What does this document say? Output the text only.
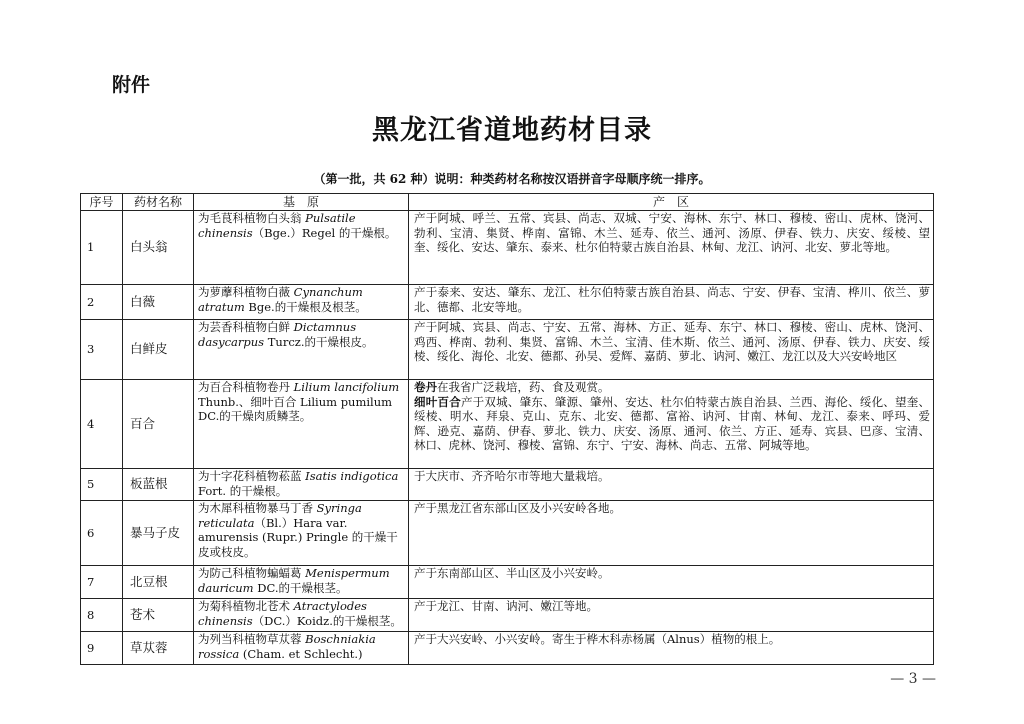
附件
黑龙江省道地药材目录
（第一批，共 62 种）说明：种类药材名称按汉语拼音字母顺序统一排序。
序号	药材名称	基　原	产　区
1	白头翁	为毛茛科植物白头翁 Pulsatile chinensis（Bge.）Regel 的干燥根。	产于阿城、呼兰、五常、宾县、尚志、双城、宁安、海林、东宁、林口、穆棱、密山、虎林、饶河、勃利、宝清、集贤、桦南、富锦、木兰、延寿、依兰、通河、汤原、伊春、铁力、庆安、绥棱、望奎、绥化、安达、肇东、泰来、杜尔伯特蒙古族自治县、林甸、龙江、讷河、北安、萝北等地。
2	白薇	为萝藦科植物白薇 Cynanchum atratum Bge.的干燥根及根茎。	产于泰来、安达、肇东、龙江、杜尔伯特蒙古族自治县、尚志、宁安、伊春、宝清、桦川、依兰、萝北、德都、北安等地。
3	白鲜皮	为芸香科植物白鲜 Dictamnus dasycarpus Turcz.的干燥根皮。	产于阿城、宾县、尚志、宁安、五常、海林、方正、延寿、东宁、林口、穆棱、密山、虎林、饶河、鸡西、桦南、勃利、集贤、富锦、木兰、宝清、佳木斯、依兰、通河、汤原、伊春、铁力、庆安、绥棱、绥化、海伦、北安、德都、孙吴、爱辉、嘉荫、萝北、讷河、嫩江、龙江以及大兴安岭地区
4	百合	为百合科植物卷丹 Lilium lancifolium Thunb.、细叶百合 Lilium pumilum DC.的干燥肉质鳞茎。	卷丹在我省广泛栽培，药、食及观赏。
细叶百合产于双城、肇东、肇源、肇州、安达、杜尔伯特蒙古族自治县、兰西、海伦、绥化、望奎、绥棱、明水、拜泉、克山、克东、北安、德都、富裕、讷河、甘南、林甸、龙江、泰来、呼玛、爱辉、逊克、嘉荫、伊春、萝北、铁力、庆安、汤原、通河、依兰、方正、延寿、宾县、巴彦、宝清、林口、虎林、饶河、穆棱、富锦、东宁、宁安、海林、尚志、五常、阿城等地。
5	板蓝根	为十字花科植物菘蓝 Isatis indigotica Fort. 的干燥根。	于大庆市、齐齐哈尔市等地大量栽培。
6	暴马子皮	为木犀科植物暴马丁香 Syringa reticulata（Bl.）Hara var. amurensis (Rupr.) Pringle 的干燥干皮或枝皮。	产于黑龙江省东部山区及小兴安岭各地。
7	北豆根	为防己科植物蝙蝠葛 Menispermum dauricum DC.的干燥根茎。	产于东南部山区、半山区及小兴安岭。
8	苍术	为菊科植物北苍术 Atractylodes chinensis（DC.）Koidz.的干燥根茎。	产于龙江、甘南、讷河、嫩江等地。
9	草苁蓉	为列当科植物草苁蓉 Boschniakia rossica (Cham. et Schlecht.)	产于大兴安岭、小兴安岭。寄生于桦木科赤杨属（Alnus）植物的根上。
— 3 —
